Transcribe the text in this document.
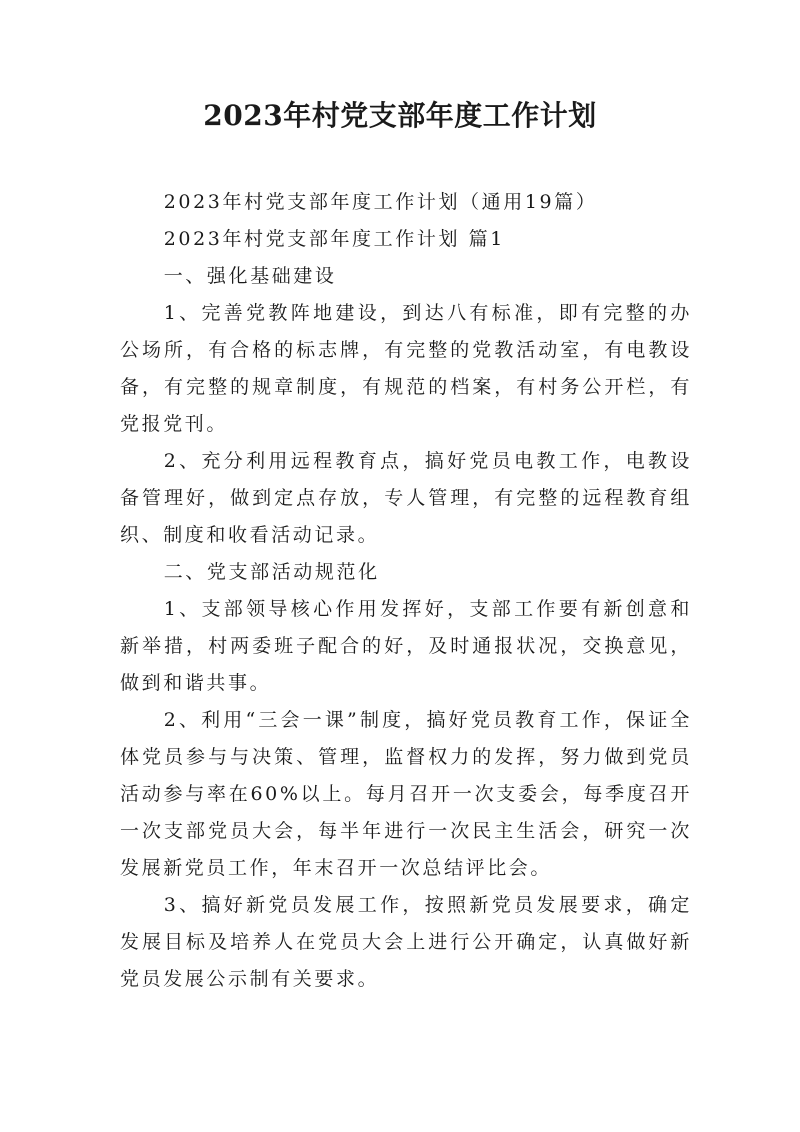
2023年村党支部年度工作计划

2023年村党支部年度工作计划（通用19篇）

2023年村党支部年度工作计划 篇1

一、强化基础建设

1、完善党教阵地建设，到达八有标准，即有完整的办公场所，有合格的标志牌，有完整的党教活动室，有电教设备，有完整的规章制度，有规范的档案，有村务公开栏，有党报党刊。

2、充分利用远程教育点，搞好党员电教工作，电教设备管理好，做到定点存放，专人管理，有完整的远程教育组织、制度和收看活动记录。

二、党支部活动规范化

1、支部领导核心作用发挥好，支部工作要有新创意和新举措，村两委班子配合的好，及时通报状况，交换意见，做到和谐共事。

2、利用“三会一课”制度，搞好党员教育工作，保证全体党员参与与决策、管理，监督权力的发挥，努力做到党员活动参与率在60%以上。每月召开一次支委会，每季度召开一次支部党员大会，每半年进行一次民主生活会，研究一次发展新党员工作，年末召开一次总结评比会。

3、搞好新党员发展工作，按照新党员发展要求，确定发展目标及培养人在党员大会上进行公开确定，认真做好新党员发展公示制有关要求。
